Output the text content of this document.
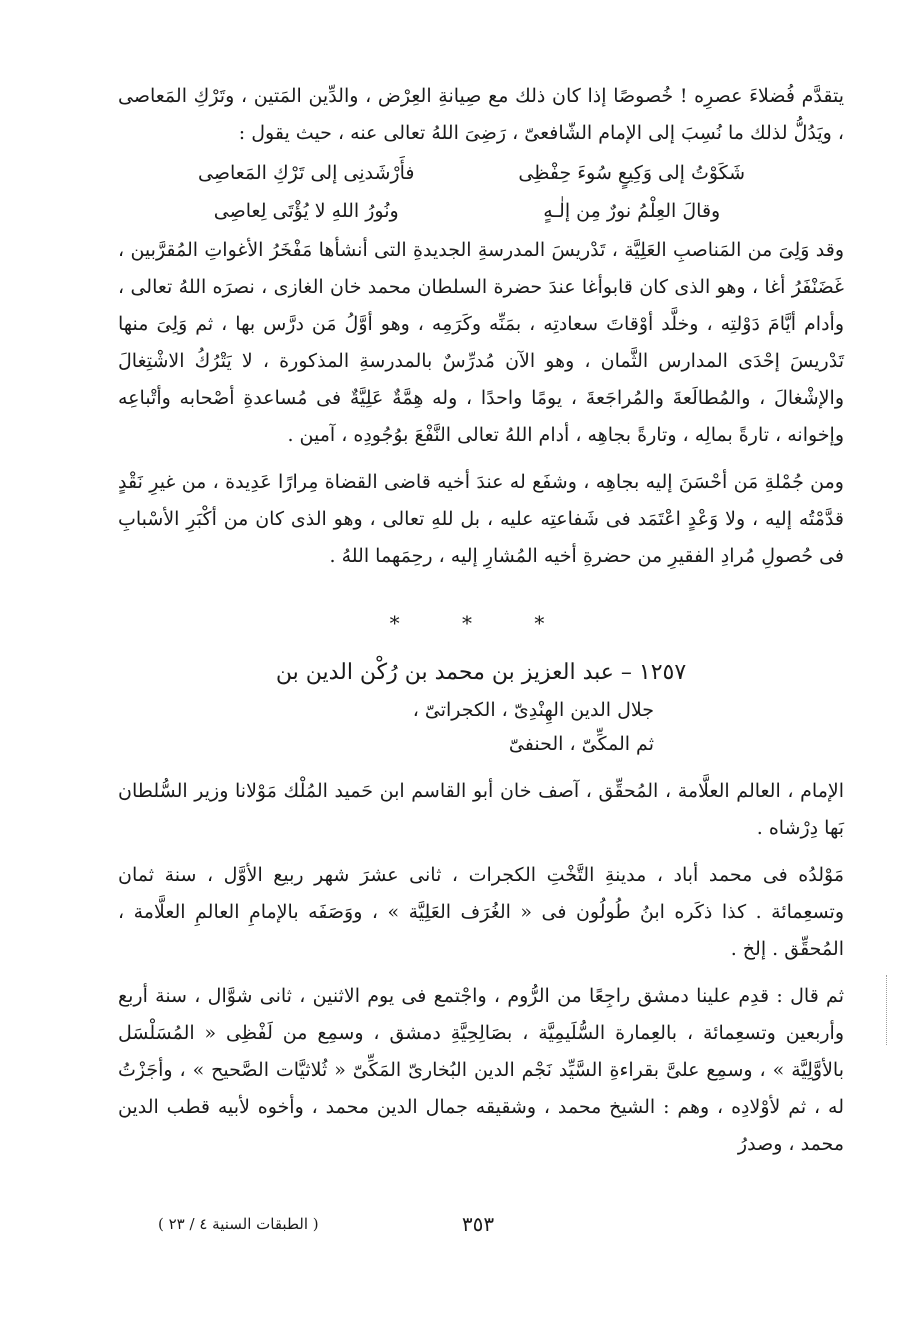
يتقدَّم فُضلاءَ عصرِه ! خُصوصًا إذا كان ذلك مع صِيانةِ العِرْض ، والدِّين المَتين ، وتَرْكِ المَعاصى ، ويَدُلُّ لذلك ما نُسِبَ إلى الإمام الشّافعىّ ، رَضِىَ اللهُ تعالى عنه ، حيث يقول :

شَكَوْتُ إلى وَكِيعٍ سُوءَ حِفْظِى
فأَرْشَدنِى إلى تَرْكِ المَعاصِى
وقالَ العِلْمُ نورٌ مِن إلٰـهٍ
ونُورُ اللهِ لا يُؤْتَى لِعاصِى

وقد وَلِىَ من المَناصبِ العَلِيَّة ، تَدْريسَ المدرسةِ الجديدةِ التى أنشأها مَفْخَرُ الأغواتِ المُقرَّبين ، غَضَنْفَرُ أغا ، وهو الذى كان قابوأغا عندَ حضرة السلطان محمد خان الغازى ، نصرَه اللهُ تعالى ، وأدام أيَّامَ دَوْلتِه ، وخلَّد أوْقاتَ سعادتِه ، بمَنِّه وكَرَمِه ، وهو أوَّلُ مَن درَّس بها ، ثم وَلِىَ منها تَدْريسَ إحْدَى المدارس الثَّمان ، وهو الآن مُدرِّسٌ بالمدرسةِ المذكورة ، لا يَتْرُكُ الاشْتِغالَ والإشْغالَ ، والمُطالَعةَ والمُراجَعةَ ، يومًا واحدًا ، وله هِمَّةٌ عَلِيَّةٌ فى مُساعدةِ أصْحابه وأتْباعِه وإخوانه ، تارةً بمالِه ، وتارةً بجاهِه ، أدام اللهُ تعالى النَّفْعَ بوُجُودِه ، آمين .

ومن جُمْلةِ مَن أحْسَنَ إليه بجاهِه ، وشفَع له عندَ أخيه قاضى القضاة مِرارًا عَدِيدة ، من غيرِ نَقْدٍ قدَّمْتُه إليه ، ولا وَعْدٍ اعْتَمَد فى شَفاعتِه عليه ، بل للهِ تعالى ، وهو الذى كان من أكْبَرِ الأسْبابِ فى حُصولِ مُرادِ الفقيرِ من حضرةِ أخيه المُشارِ إليه ، رحِمَهما اللهُ .

* * *
١٢٥٧ – عبد العزيز بن محمد بن رُكْن الدين بن
جلال الدين الهِنْدِىّ ، الكجراتىّ ،
ثم المكِّىّ ، الحنفىّ

الإمام ، العالم العلَّامة ، المُحقِّق ، آصف خان أبو القاسم ابن حَميد المُلْك مَوْلانا وزير السُّلطان بَها دِرْشاه .

مَوْلدُه فى محمد أباد ، مدينةِ التَّخْتِ الكجرات ، ثانى عشرَ شهر ربيع الأوَّل ، سنة ثمان وتسعِمائة . كذا ذكَره ابنُ طُولُون فى « الغُرَف العَلِيَّة » ، ووَصَفَه بالإمامِ العالمِ العلَّامة ، المُحقِّق . إلخ .

ثم قال : قدِم علينا دمشق راجِعًا من الرُّوم ، واجْتمع فى يوم الاثنين ، ثانى شوَّال ، سنة أربع وأربعين وتسعِمائة ، بالعِمارة السُّلَيمِيَّة ، بصَالِحِيَّةِ دمشق ، وسمِع من لَفْظِى « المُسَلْسَل بالأوَّلِيَّة » ، وسمِع علىَّ بقراءةِ السَّيِّد نَجْم الدين البُخارىّ المَكِّىّ « ثُلاثيَّات الصَّحيح » ، وأجَزْتُ له ، ثم لأوْلادِه ، وهم : الشيخ محمد ، وشقيقه جمال الدين محمد ، وأخوه لأبيه قطب الدين محمد ، وصدرُ

٣٥٣
( الطبقات السنية ٤ / ٢٣ )
